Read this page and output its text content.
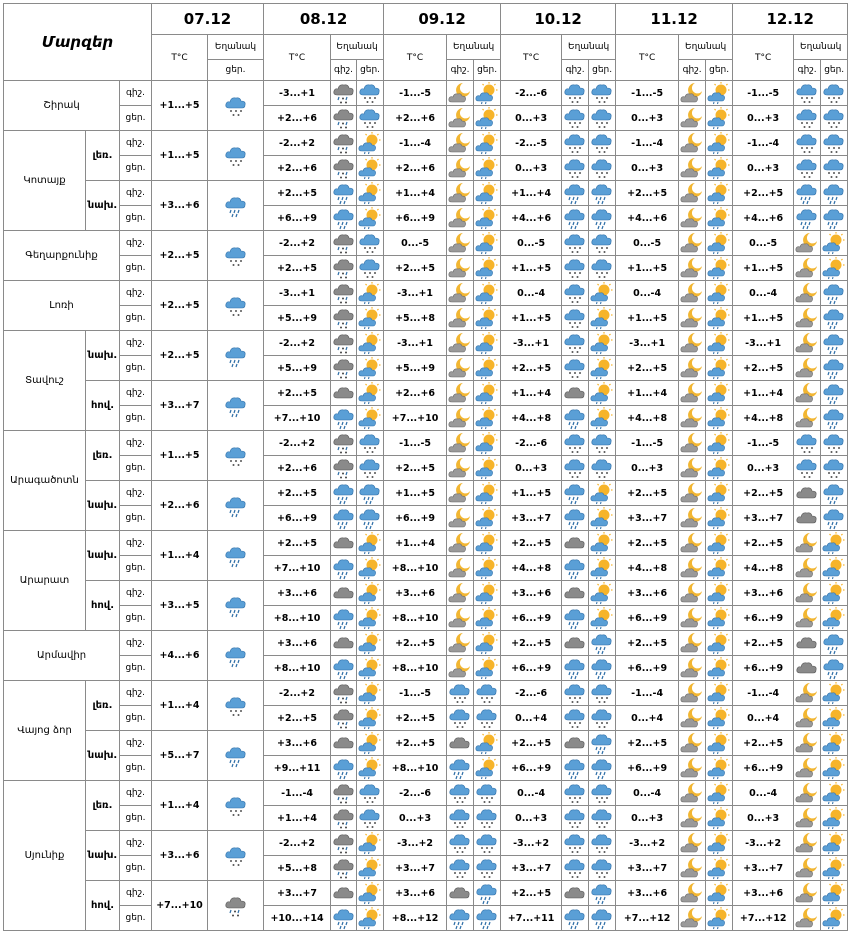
Մարզեր			07.12		08.12			09.12			10.12			11.12			12.12		
			T°C	Եղանակ	T°C	Եղանակ		T°C	Եղանակ		T°C	Եղանակ		T°C	Եղանակ		T°C	Եղանակ	
				ցեր.		գիշ.	ցեր.		գիշ.	ցեր.		գիշ.	ցեր.		գիշ.	ցեր.		գիշ.	ցեր.
Շիրակ		գիշ.	+1...+5		-3...+1			-1...-5			-2...-6			-1...-5			-1...-5		
		ցեր.			+2...+6			+2...+6			0...+3			0...+3			0...+3		
Կոտայք	լեռ.	գիշ.	+1...+5		-2...+2			-1...-4			-2...-5			-1...-4			-1...-4		
		ցեր.			+2...+6			+2...+6			0...+3			0...+3			0...+3		
	նախ.	գիշ.	+3...+6		+2...+5			+1...+4			+1...+4			+2...+5			+2...+5		
		ցեր.			+6...+9			+6...+9			+4...+6			+4...+6			+4...+6		
Գեղարքունիք		գիշ.	+2...+5		-2...+2			0...-5			0...-5			0...-5			0...-5		
		ցեր.			+2...+5			+2...+5			+1...+5			+1...+5			+1...+5		
Լոռի		գիշ.	+2...+5		-3...+1			-3...+1			0...-4			0...-4			0...-4		
		ցեր.			+5...+9			+5...+8			+1...+5			+1...+5			+1...+5		
Տավուշ	նախ.	գիշ.	+2...+5		-2...+2			-3...+1			-3...+1			-3...+1			-3...+1		
		ցեր.			+5...+9			+5...+9			+2...+5			+2...+5			+2...+5		
	հով.	գիշ.	+3...+7		+2...+5			+2...+6			+1...+4			+1...+4			+1...+4		
		ցեր.			+7...+10			+7...+10			+4...+8			+4...+8			+4...+8		
Արագածոտն	լեռ.	գիշ.	+1...+5		-2...+2			-1...-5			-2...-6			-1...-5			-1...-5		
		ցեր.			+2...+6			+2...+5			0...+3			0...+3			0...+3		
	նախ.	գիշ.	+2...+6		+2...+5			+1...+5			+1...+5			+2...+5			+2...+5		
		ցեր.			+6...+9			+6...+9			+3...+7			+3...+7			+3...+7		
Արարատ	նախ.	գիշ.	+1...+4		+2...+5			+1...+4			+2...+5			+2...+5			+2...+5		
		ցեր.			+7...+10			+8...+10			+4...+8			+4...+8			+4...+8		
	հով.	գիշ.	+3...+5		+3...+6			+3...+6			+3...+6			+3...+6			+3...+6		
		ցեր.			+8...+10			+8...+10			+6...+9			+6...+9			+6...+9		
Արմավիր		գիշ.	+4...+6		+3...+6			+2...+5			+2...+5			+2...+5			+2...+5		
		ցեր.			+8...+10			+8...+10			+6...+9			+6...+9			+6...+9		
Վայոց ձոր	լեռ.	գիշ.	+1...+4		-2...+2			-1...-5			-2...-6			-1...-4			-1...-4		
		ցեր.			+2...+5			+2...+5			0...+4			0...+4			0...+4		
	նախ.	գիշ.	+5...+7		+3...+6			+2...+5			+2...+5			+2...+5			+2...+5		
		ցեր.			+9...+11			+8...+10			+6...+9			+6...+9			+6...+9		
Սյունիք	լեռ.	գիշ.	+1...+4		-1...-4			-2...-6			0...-4			0...-4			0...-4		
		ցեր.			+1...+4			0...+3			0...+3			0...+3			0...+3		
	նախ.	գիշ.	+3...+6		-2...+2			-3...+2			-3...+2			-3...+2			-3...+2		
		ցեր.			+5...+8			+3...+7			+3...+7			+3...+7			+3...+7		
	հով.	գիշ.	+7...+10		+3...+7			+3...+6			+2...+5			+3...+6			+3...+6		
		ցեր.			+10...+14			+8...+12			+7...+11			+7...+12			+7...+12		
